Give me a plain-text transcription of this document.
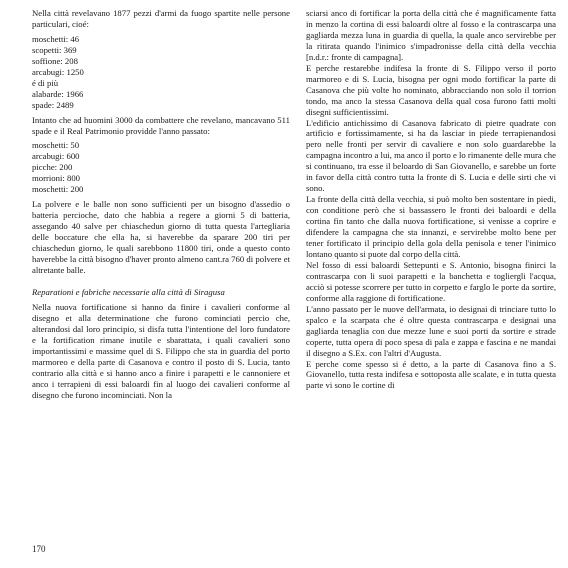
Nella città revelavano 1877 pezzi d'armi da fuogo spartite nelle persone particulari, cioé:

moschetti: 46
scopetti: 369
soffione: 208
arcabugi: 1250
é di più
alabarde: 1966
spade: 2489

Intanto che ad huomini 3000 da combattere che revelano, mancavano 511 spade e il Real Patrimonio providde l'anno passato:

moschetti: 50
arcabugi: 600
picche: 200
morrioni: 800
moschetti: 200

La polvere e le balle non sono sufficienti per un bisogno d'assedio o batteria percioche, dato che habbia a regere a giorni 5 di batteria, assegando 40 salve per chiaschedun giorno di tutta questa l'artegliaria delle boccature che ella ha, si haverebbe da sparare 200 tiri per chiaschedun giorno, le quali sarebbono 11800 tiri, onde a questo conto haverebbe la città bisogno d'haver pronto almeno cant.ra 760 di polvere et altretante balle.

Reparationi e fabriche necessarie alla città di Siragusa

Nella nuova fortificatione si hanno da finire i cavalieri conforme al disegno et alla determinatione che furono cominciati percio che, alterandosi dal loro principio, si disfa tutta l'intentione del loro fundatore e la fortification rimane inutile e sbarattata, i quali cavalieri sono importantissimi e massime quel di S. Filippo che sta in guardia del porto marmoreo e della parte di Casanova e contro il posto di S. Lucia, tanto contrario alla città e si hanno anco a finire i parapetti e le cannoniere et anco i terrapieni di essi baloardi fin al luogo dei cavalieri conforme al disegno che furono incominciati. Non la

sciarsi anco di fortificar la porta della città che é magnificamente fatta in menzo la cortina di essi baloardi oltre al fosso e la contrascarpa una gagliarda mezza luna in guardia di quella, la quale anco servirebbe per la ritirata quando l'inimico s'impadronisse della città della vecchia [n.d.r.: fronte di campagna].

E perche restarebbe indifesa la fronte di S. Filippo verso il porto marmoreo e di S. Lucia, bisogna per ogni modo fortificar la parte di Casanova che più volte ho nominato, abbracciando non solo il torrion tondo, ma anco la stessa Casanova della qual cosa furono fatti molti disegni sufficientissimi.

L'edificio antichissimo di Casanova fabricato di pietre quadrate con artificio e fortissimamente, si ha da lasciar in piede terrapienandosi pero nelle fronti per servir di cavaliere e non solo guardarebbe la campagna incontro a lui, ma anco il porto e lo rimanente delle mura che si continuano, tra esse il beloardo di San Giovanello, e sarebbe un forte in favor della città contro tutta la fronte di S. Lucia e delle sirti che vi sono.

La fronte della città della vecchia, si può molto ben sostentare in piedi, con conditione però che si bassassero le fronti dei baloardi e della cortina fin tanto che dalla nuova fortificatione, si venisse a coprire e difendere la campagna che sta innanzi, e servirebbe molto bene per tener fortificato il principio della gola della penisola e tener l'inimico lontano quanto si puote dal corpo della città.

Nel fosso di essi baloardi Settepunti e S. Antonio, bisogna finirci la contrascarpa con li suoi parapetti e la banchetta e togliergli l'acqua, acciò si potesse scorrere per tutto in corpetto e farglo le porte da sortire, conforme alla raggione di fortificatione.

L'anno passato per le nuove dell'armata, io designai di trinciare tutto lo spalco e la scarpata che é oltre questa contrascarpa e designai una gagliarda tenaglia con due mezze lune e suoi porti da sortire e strade coperte, tutta opera di poco spesa di pala e zappa e fascina e ne mandai il disegno a S.Ex. con l'altri d'Augusta.

E perche come spesso si é detto, a la parte di Casanova fino a S. Giovanello, tutta resta indifesa e sottoposta alle scalate, e in tutta questa parte vi sono le cortine di

170
